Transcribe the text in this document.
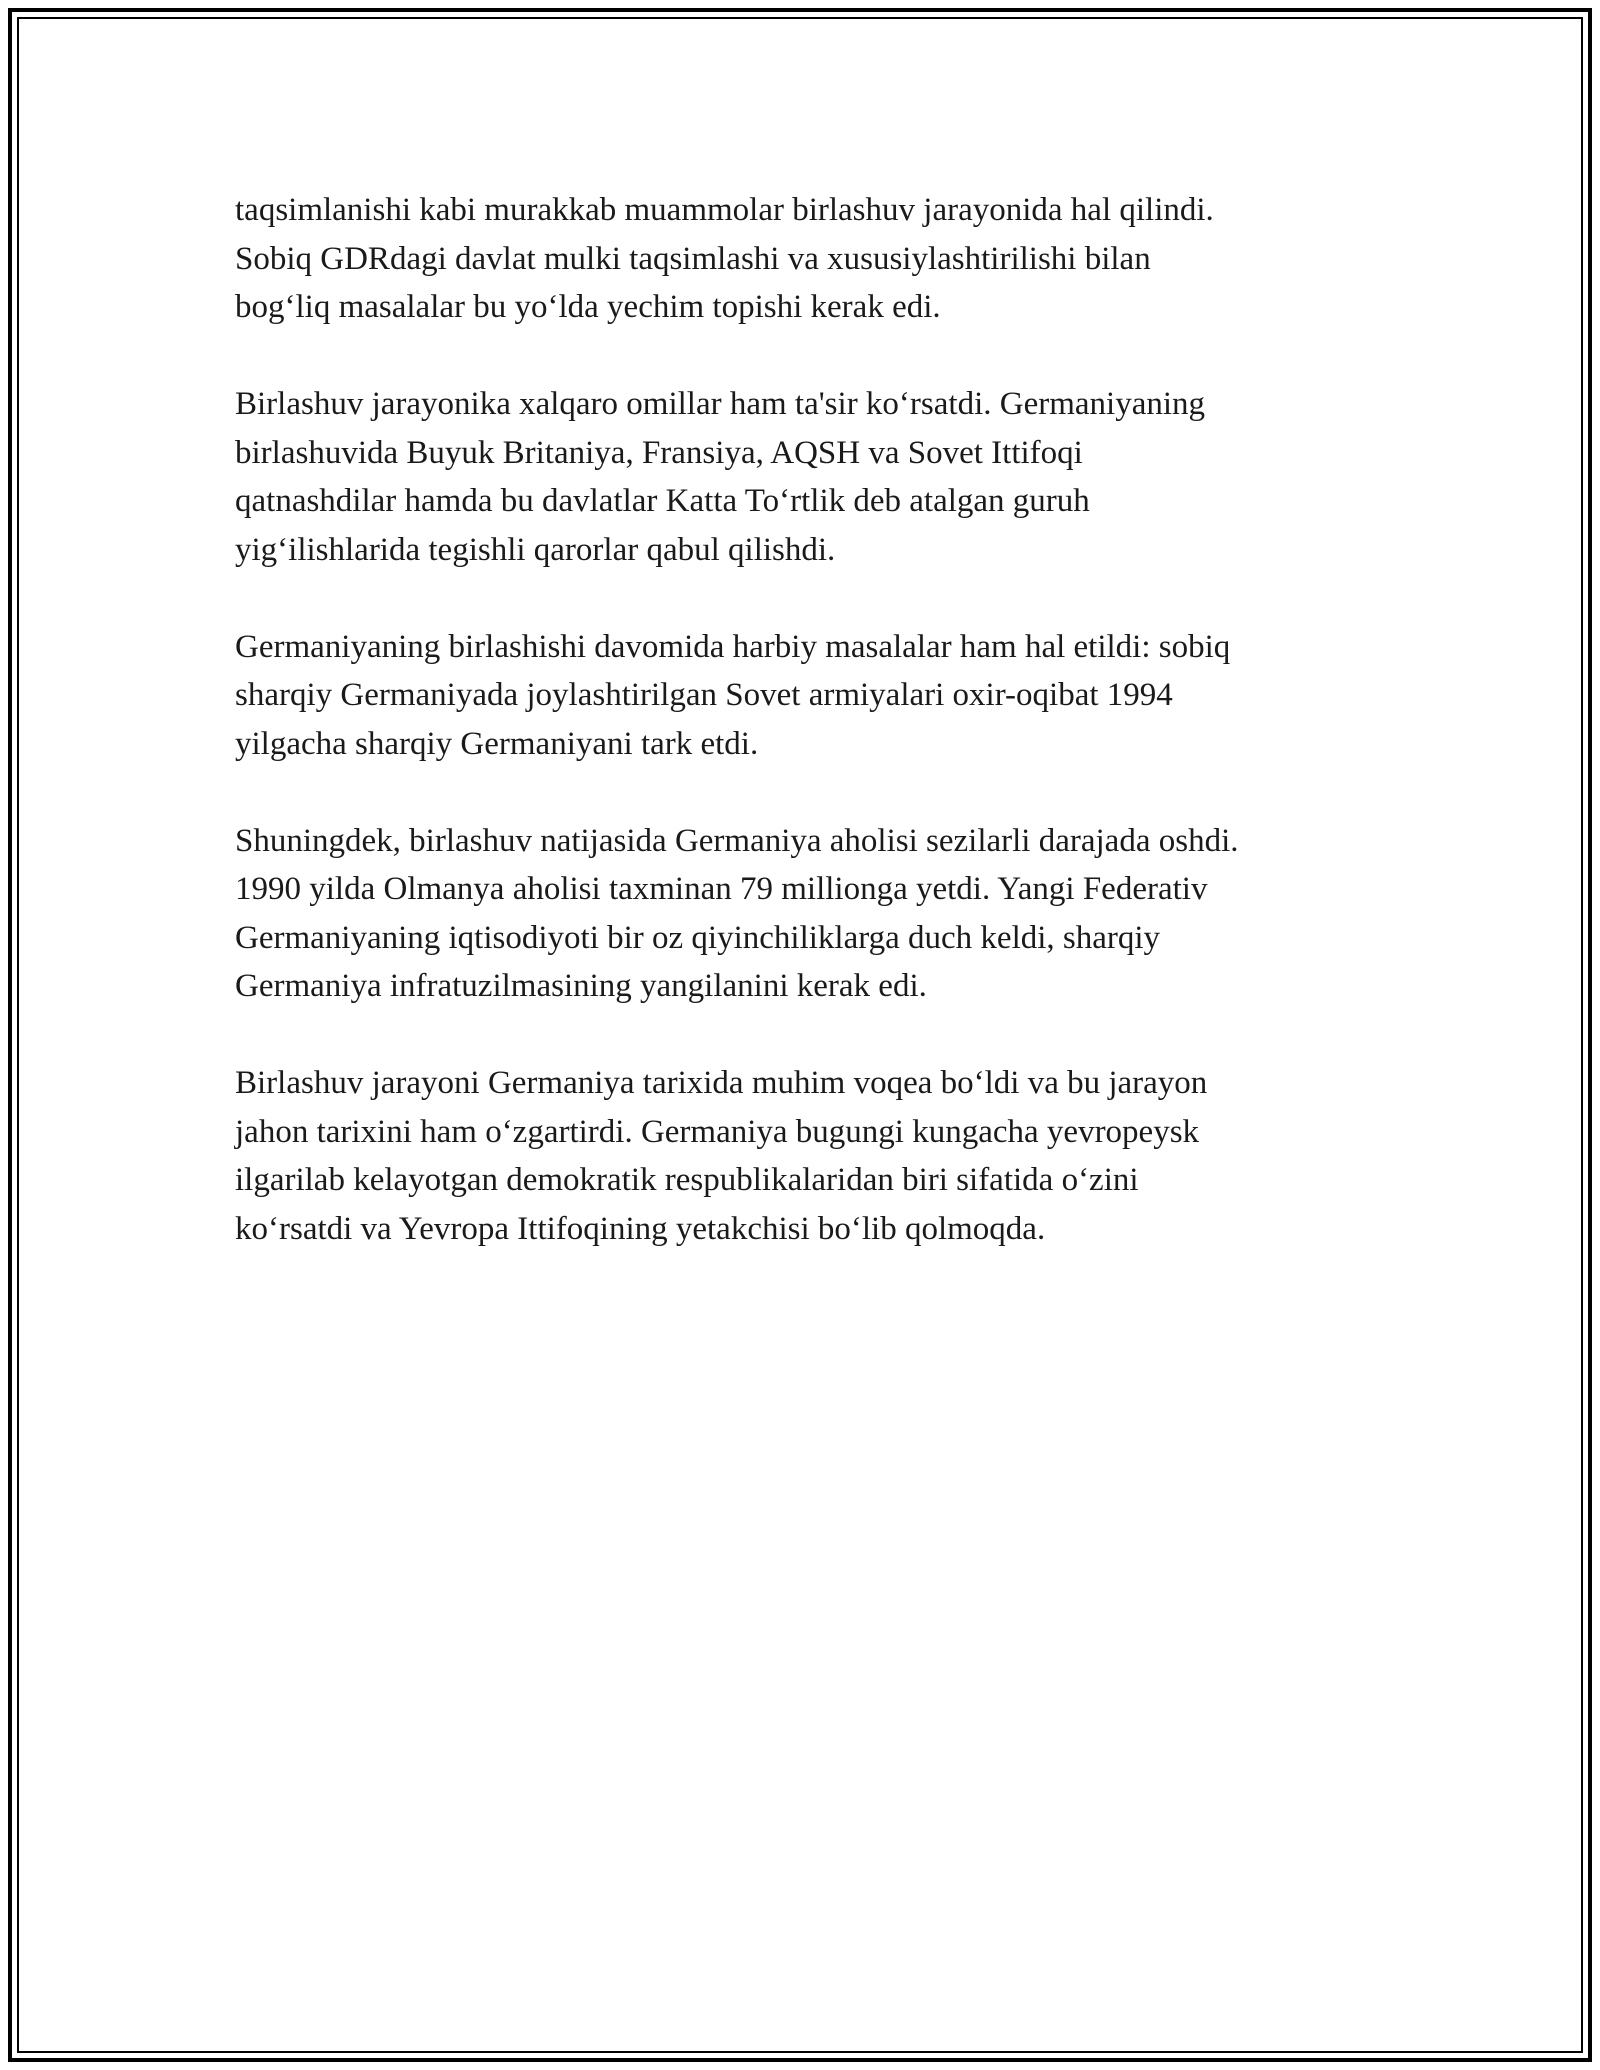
taqsimlanishi kabi murakkab muammolar birlashuv jarayonida hal qilindi.
Sobiq GDRdagi davlat mulki taqsimlashi va xususiylashtirilishi bilan
bog‘liq masalalar bu yo‘lda yechim topishi kerak edi.

Birlashuv jarayonika xalqaro omillar ham ta'sir ko‘rsatdi. Germaniyaning
birlashuvida Buyuk Britaniya, Fransiya, AQSH va Sovet Ittifoqi
qatnashdilar hamda bu davlatlar Katta To‘rtlik deb atalgan guruh
yig‘ilishlarida tegishli qarorlar qabul qilishdi.

Germaniyaning birlashishi davomida harbiy masalalar ham hal etildi: sobiq
sharqiy Germaniyada joylashtirilgan Sovet armiyalari oxir-oqibat 1994
yilgacha sharqiy Germaniyani tark etdi.

Shuningdek, birlashuv natijasida Germaniya aholisi sezilarli darajada oshdi.
1990 yilda Olmanya aholisi taxminan 79 millionga yetdi. Yangi Federativ
Germaniyaning iqtisodiyoti bir oz qiyinchiliklarga duch keldi, sharqiy
Germaniya infratuzilmasining yangilanini kerak edi.

Birlashuv jarayoni Germaniya tarixida muhim voqea bo‘ldi va bu jarayon
jahon tarixini ham o‘zgartirdi. Germaniya bugungi kungacha yevropeysk
ilgarilab kelayotgan demokratik respublikalaridan biri sifatida o‘zini
ko‘rsatdi va Yevropa Ittifoqining yetakchisi bo‘lib qolmoqda.
